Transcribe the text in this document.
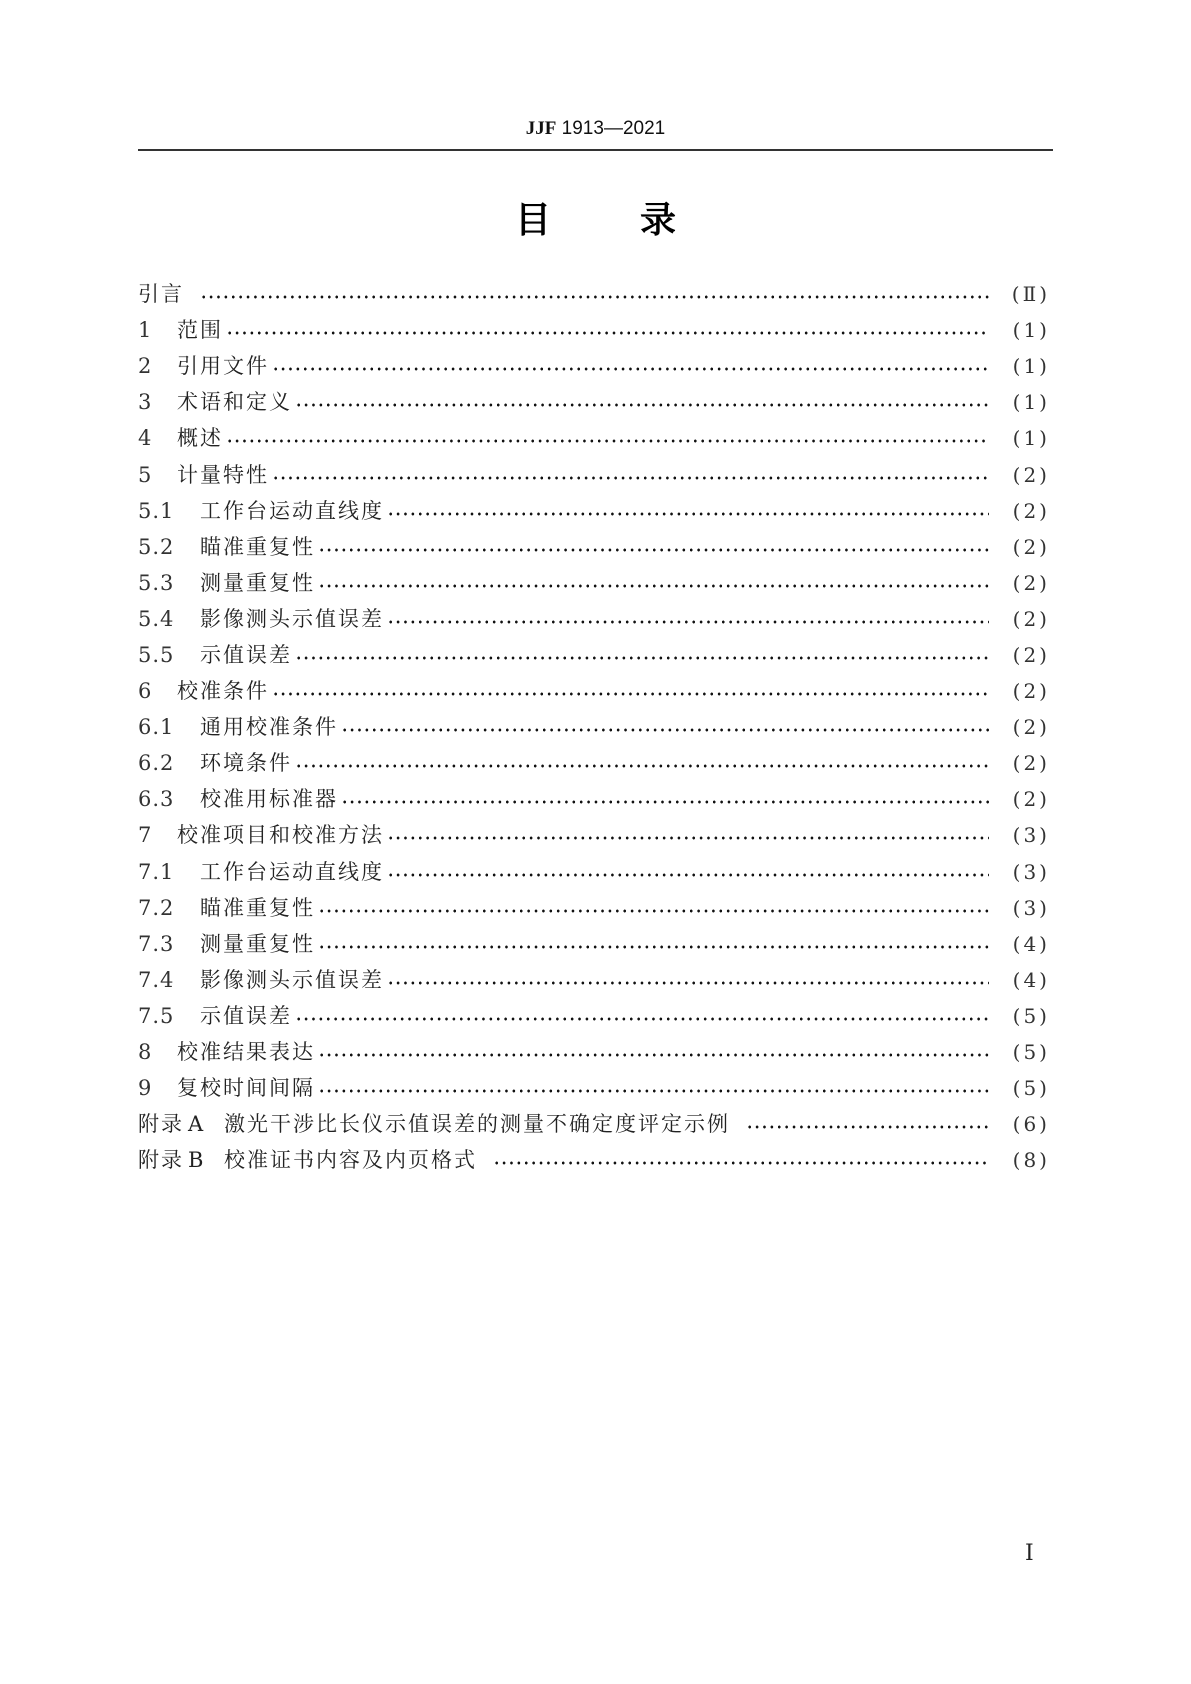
JJF 1913—2021
目 录
引言	(Ⅱ)
1	范围	(1)
2	引用文件	(1)
3	术语和定义	(1)
4	概述	(1)
5	计量特性	(2)
5.1	工作台运动直线度	(2)
5.2	瞄准重复性	(2)
5.3	测量重复性	(2)
5.4	影像测头示值误差	(2)
5.5	示值误差	(2)
6	校准条件	(2)
6.1	通用校准条件	(2)
6.2	环境条件	(2)
6.3	校准用标准器	(2)
7	校准项目和校准方法	(3)
7.1	工作台运动直线度	(3)
7.2	瞄准重复性	(3)
7.3	测量重复性	(4)
7.4	影像测头示值误差	(4)
7.5	示值误差	(5)
8	校准结果表达	(5)
9	复校时间间隔	(5)
附录 A 激光干涉比长仪示值误差的测量不确定度评定示例	(6)
附录 B 校准证书内容及内页格式	(8)
I
